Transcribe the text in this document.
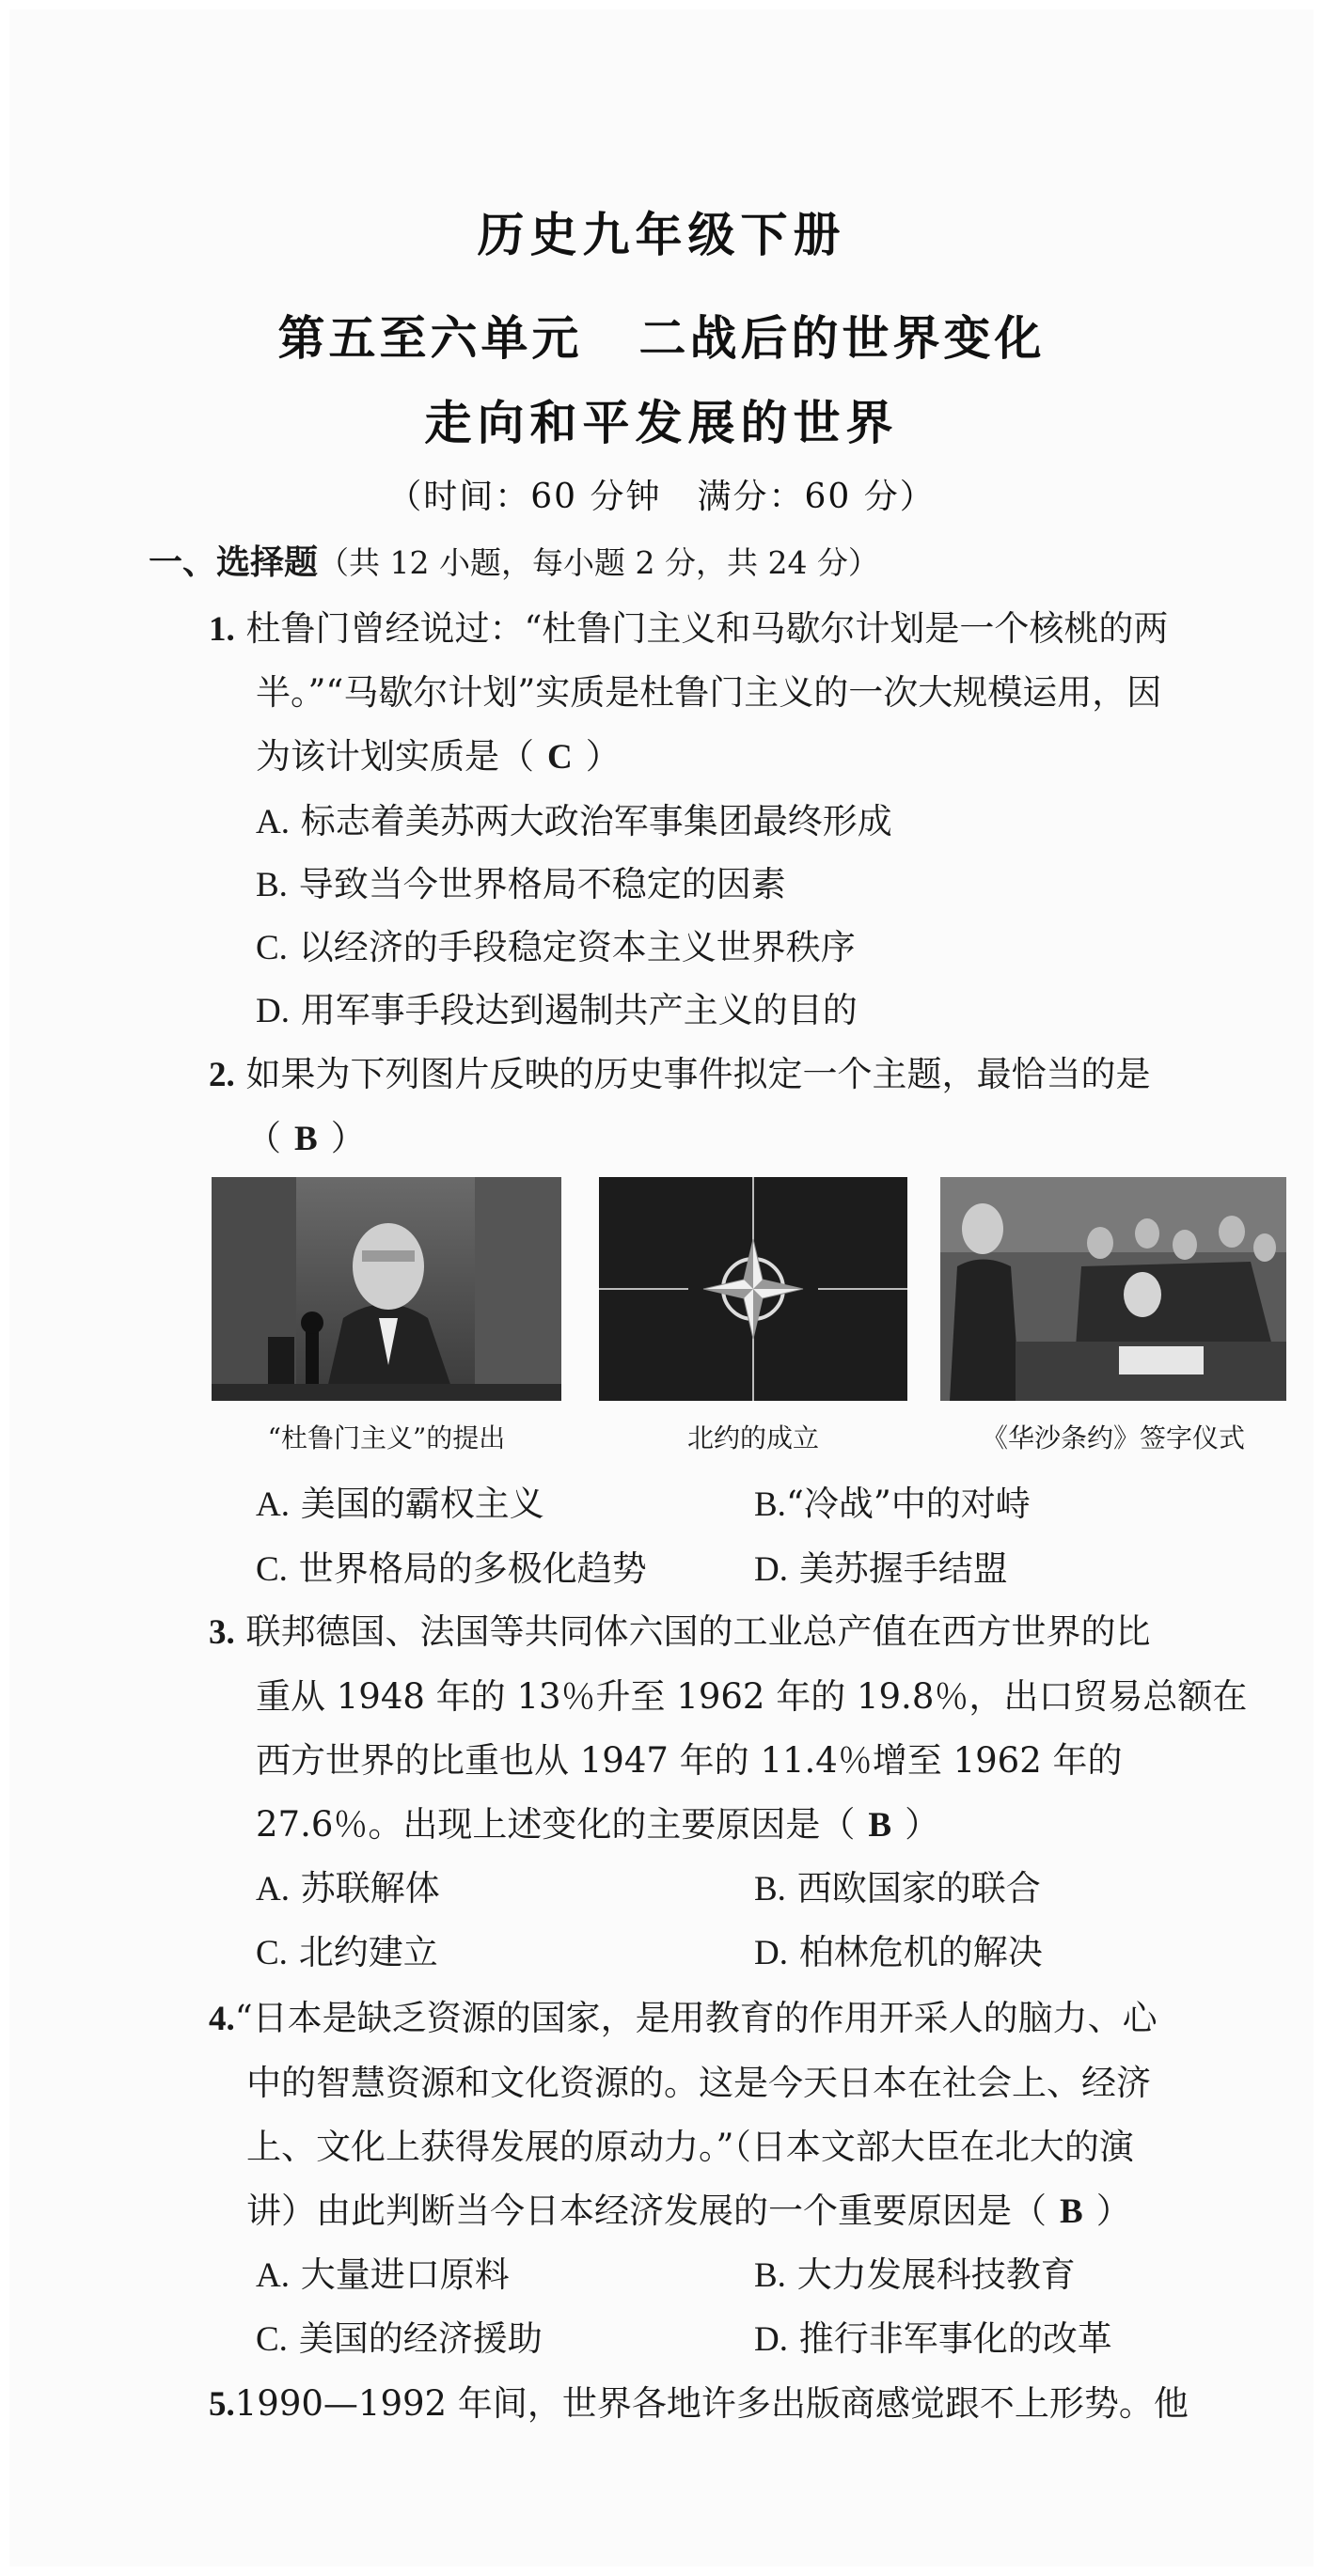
历史九年级下册
第五至六单元 二战后的世界变化
走向和平发展的世界
（时间：60 分钟　满分：60 分）
一、选择题（共 12 小题，每小题 2 分，共 24 分）
1. 杜鲁门曾经说过：“杜鲁门主义和马歇尔计划是一个核桃的两
半。”“马歇尔计划”实质是杜鲁门主义的一次大规模运用，因
为该计划实质是（ C ）
A. 标志着美苏两大政治军事集团最终形成
B. 导致当今世界格局不稳定的因素
C. 以经济的手段稳定资本主义世界秩序
D. 用军事手段达到遏制共产主义的目的
2. 如果为下列图片反映的历史事件拟定一个主题，最恰当的是
（ B ）
“杜鲁门主义”的提出	北约的成立	《华沙条约》签字仪式
A. 美国的霸权主义	B.“冷战”中的对峙
C. 世界格局的多极化趋势	D. 美苏握手结盟
3. 联邦德国、法国等共同体六国的工业总产值在西方世界的比
重从 1948 年的 13％升至 1962 年的 19.8％，出口贸易总额在
西方世界的比重也从 1947 年的 11.4％增至 1962 年的
27.6％。出现上述变化的主要原因是（ B ）
A. 苏联解体	B. 西欧国家的联合
C. 北约建立	D. 柏林危机的解决
4.“日本是缺乏资源的国家，是用教育的作用开采人的脑力、心
中的智慧资源和文化资源的。这是今天日本在社会上、经济
上、文化上获得发展的原动力。”（日本文部大臣在北大的演
讲）由此判断当今日本经济发展的一个重要原因是（ B ）
A. 大量进口原料	B. 大力发展科技教育
C. 美国的经济援助	D. 推行非军事化的改革
5.1990—1992 年间，世界各地许多出版商感觉跟不上形势。他
